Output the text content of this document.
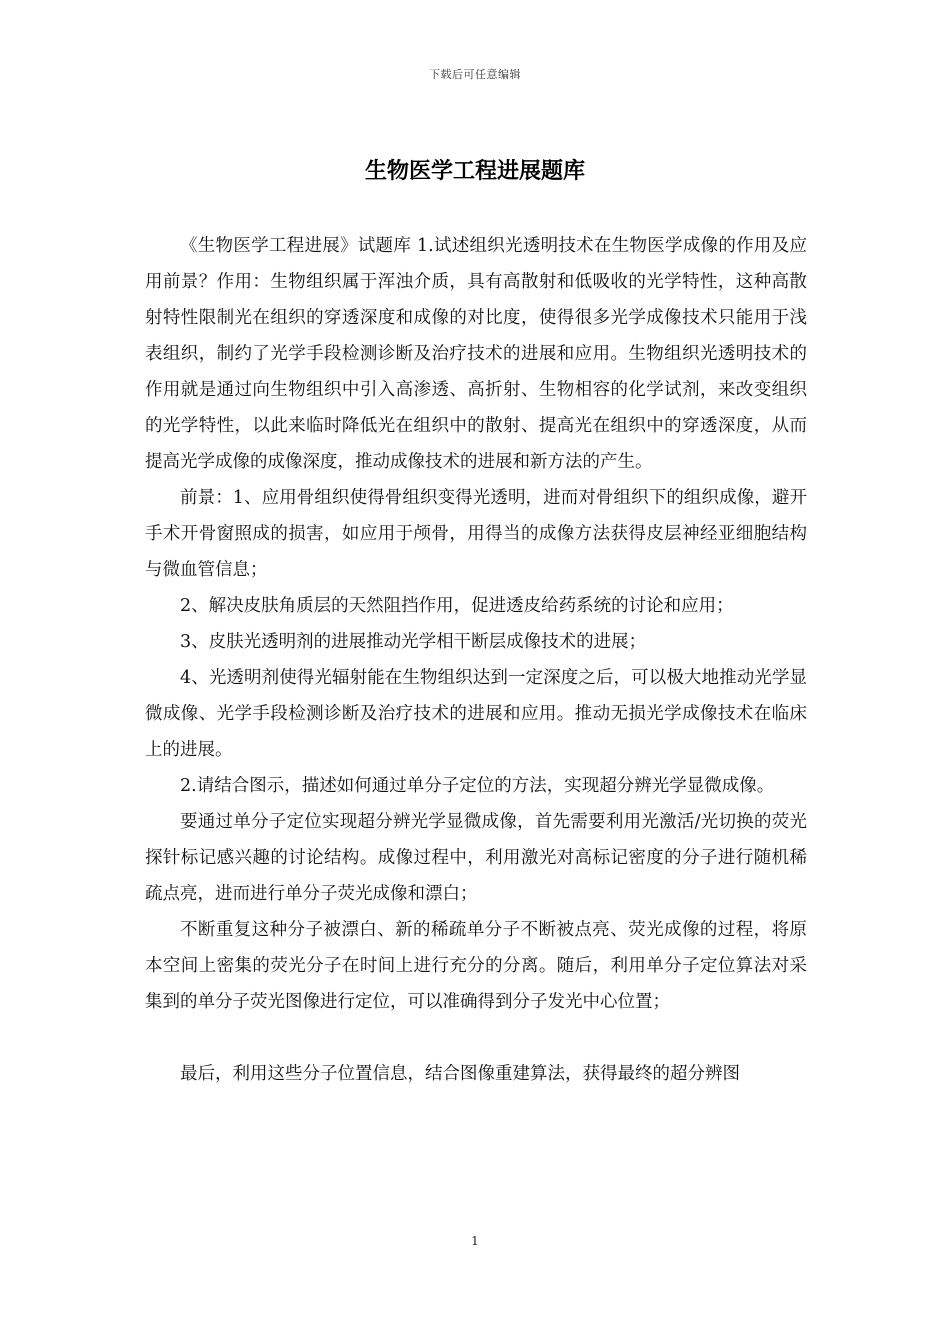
下载后可任意编辑
生物医学工程进展题库

《生物医学工程进展》试题库 1.试述组织光透明技术在生物医学成像的作用及应用前景？作用：生物组织属于浑浊介质，具有高散射和低吸收的光学特性，这种高散射特性限制光在组织的穿透深度和成像的对比度，使得很多光学成像技术只能用于浅表组织，制约了光学手段检测诊断及治疗技术的进展和应用。生物组织光透明技术的作用就是通过向生物组织中引入高渗透、高折射、生物相容的化学试剂，来改变组织的光学特性，以此来临时降低光在组织中的散射、提高光在组织中的穿透深度，从而提高光学成像的成像深度，推动成像技术的进展和新方法的产生。

前景：1、应用骨组织使得骨组织变得光透明，进而对骨组织下的组织成像，避开手术开骨窗照成的损害，如应用于颅骨，用得当的成像方法获得皮层神经亚细胞结构与微血管信息；

2、解决皮肤角质层的天然阻挡作用，促进透皮给药系统的讨论和应用；

3、皮肤光透明剂的进展推动光学相干断层成像技术的进展；

4、光透明剂使得光辐射能在生物组织达到一定深度之后，可以极大地推动光学显微成像、光学手段检测诊断及治疗技术的进展和应用。推动无损光学成像技术在临床上的进展。

2.请结合图示，描述如何通过单分子定位的方法，实现超分辨光学显微成像。

要通过单分子定位实现超分辨光学显微成像，首先需要利用光激活/光切换的荧光探针标记感兴趣的讨论结构。成像过程中，利用激光对高标记密度的分子进行随机稀疏点亮，进而进行单分子荧光成像和漂白；

不断重复这种分子被漂白、新的稀疏单分子不断被点亮、荧光成像的过程，将原本空间上密集的荧光分子在时间上进行充分的分离。随后，利用单分子定位算法对采集到的单分子荧光图像进行定位，可以准确得到分子发光中心位置；

最后，利用这些分子位置信息，结合图像重建算法，获得最终的超分辨图

1
